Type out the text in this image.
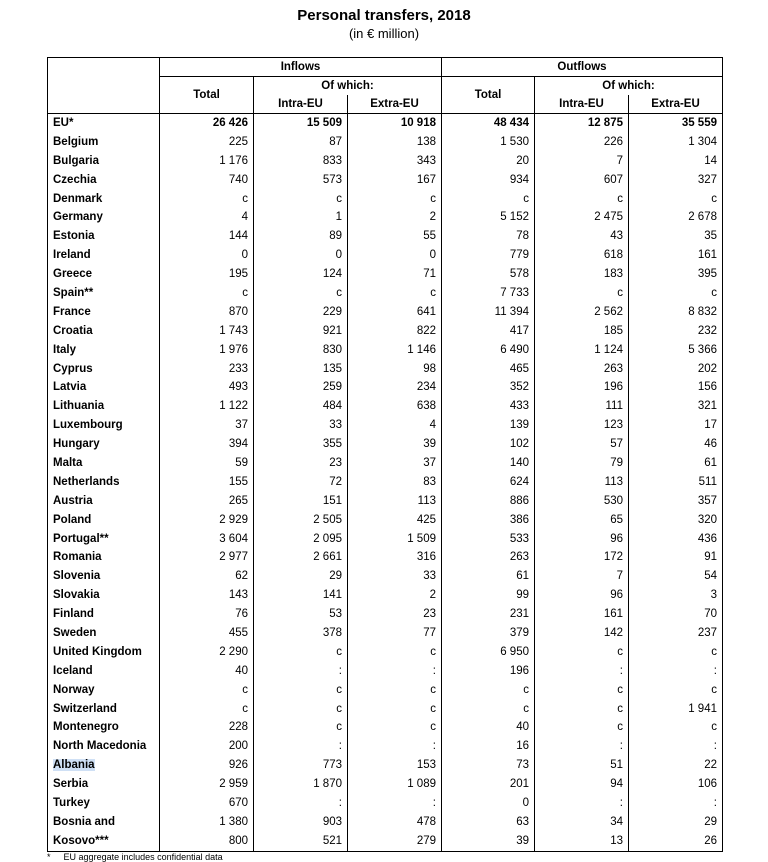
Personal transfers, 2018
(in € million)
	Inflows			Outflows		
	Total	Of which:		Total	Of which:	
		Intra-EU	Extra-EU		Intra-EU	Extra-EU
EU*	26 426	15 509	10 918	48 434	12 875	35 559
Belgium	225	87	138	1 530	226	1 304
Bulgaria	1 176	833	343	20	7	14
Czechia	740	573	167	934	607	327
Denmark	c	c	c	c	c	c
Germany	4	1	2	5 152	2 475	2 678
Estonia	144	89	55	78	43	35
Ireland	0	0	0	779	618	161
Greece	195	124	71	578	183	395
Spain**	c	c	c	7 733	c	c
France	870	229	641	11 394	2 562	8 832
Croatia	1 743	921	822	417	185	232
Italy	1 976	830	1 146	6 490	1 124	5 366
Cyprus	233	135	98	465	263	202
Latvia	493	259	234	352	196	156
Lithuania	1 122	484	638	433	111	321
Luxembourg	37	33	4	139	123	17
Hungary	394	355	39	102	57	46
Malta	59	23	37	140	79	61
Netherlands	155	72	83	624	113	511
Austria	265	151	113	886	530	357
Poland	2 929	2 505	425	386	65	320
Portugal**	3 604	2 095	1 509	533	96	436
Romania	2 977	2 661	316	263	172	91
Slovenia	62	29	33	61	7	54
Slovakia	143	141	2	99	96	3
Finland	76	53	23	231	161	70
Sweden	455	378	77	379	142	237
United Kingdom	2 290	c	c	6 950	c	c
Iceland	40	:	:	196	:	:
Norway	c	c	c	c	c	c
Switzerland	c	c	c	c	c	1 941
Montenegro	228	c	c	40	c	c
North Macedonia	200	:	:	16	:	:
Albania	926	773	153	73	51	22
Serbia	2 959	1 870	1 089	201	94	106
Turkey	670	:	:	0	:	:
Bosnia and	1 380	903	478	63	34	29
Kosovo***	800	521	279	39	13	26
* EU aggregate includes confidential data
